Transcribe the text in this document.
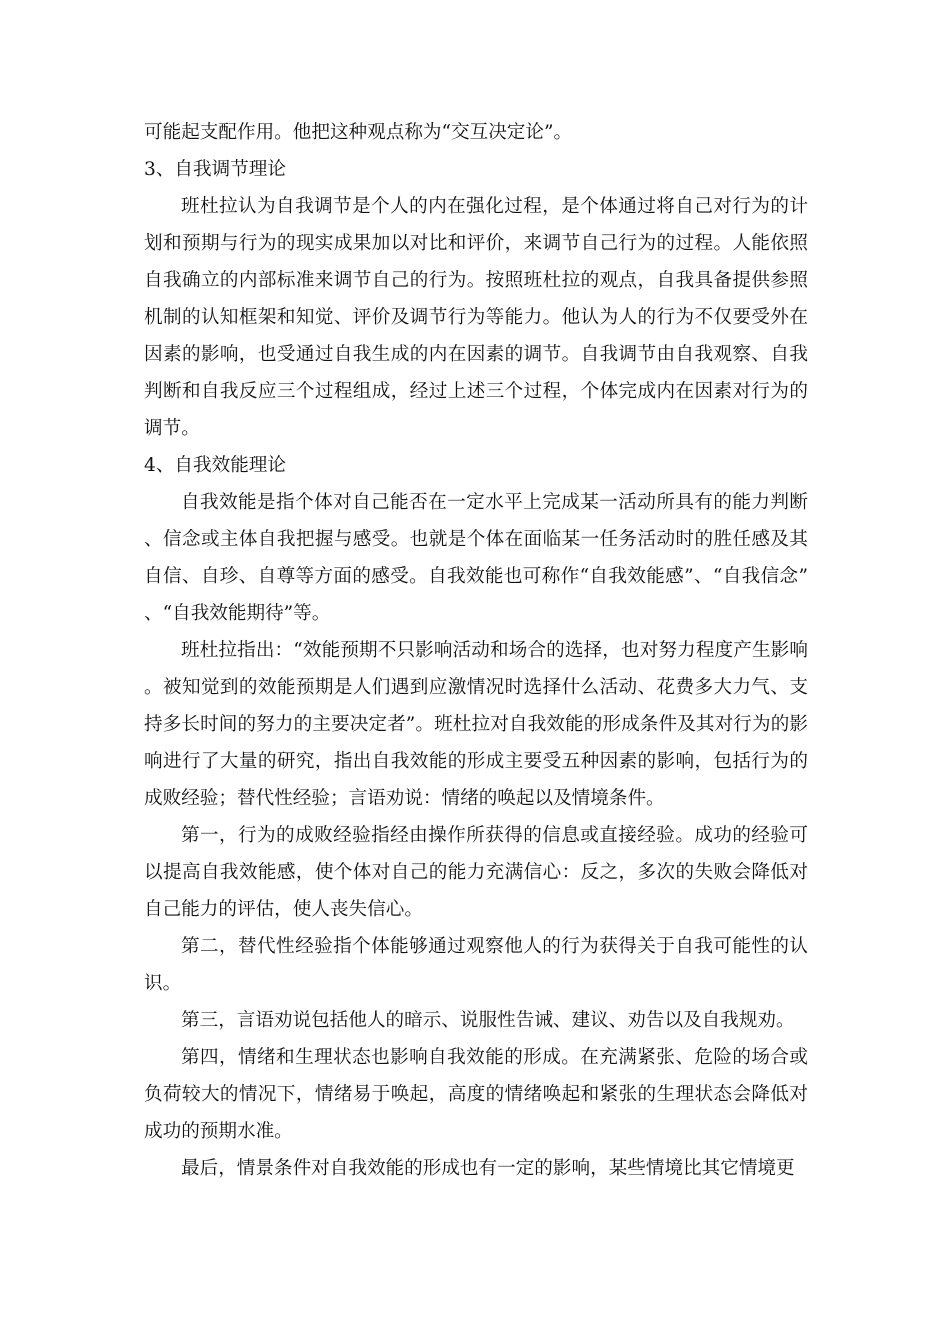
可能起支配作用。他把这种观点称为“交互决定论”。

3、自我调节理论

班杜拉认为自我调节是个人的内在强化过程，是个体通过将自己对行为的计划和预期与行为的现实成果加以对比和评价，来调节自己行为的过程。人能依照自我确立的内部标准来调节自己的行为。按照班杜拉的观点，自我具备提供参照机制的认知框架和知觉、评价及调节行为等能力。他认为人的行为不仅要受外在因素的影响，也受通过自我生成的内在因素的调节。自我调节由自我观察、自我判断和自我反应三个过程组成，经过上述三个过程，个体完成内在因素对行为的调节。

4、自我效能理论

自我效能是指个体对自己能否在一定水平上完成某一活动所具有的能力判断、信念或主体自我把握与感受。也就是个体在面临某一任务活动时的胜任感及其自信、自珍、自尊等方面的感受。自我效能也可称作“自我效能感”、“自我信念”、“自我效能期待”等。

班杜拉指出：“效能预期不只影响活动和场合的选择，也对努力程度产生影响。被知觉到的效能预期是人们遇到应激情况时选择什么活动、花费多大力气、支持多长时间的努力的主要决定者”。班杜拉对自我效能的形成条件及其对行为的影响进行了大量的研究，指出自我效能的形成主要受五种因素的影响，包括行为的成败经验；替代性经验；言语劝说：情绪的唤起以及情境条件。

第一，行为的成败经验指经由操作所获得的信息或直接经验。成功的经验可以提高自我效能感，使个体对自己的能力充满信心：反之，多次的失败会降低对自己能力的评估，使人丧失信心。

第二，替代性经验指个体能够通过观察他人的行为获得关于自我可能性的认识。

第三，言语劝说包括他人的暗示、说服性告诫、建议、劝告以及自我规劝。

第四，情绪和生理状态也影响自我效能的形成。在充满紧张、危险的场合或负荷较大的情况下，情绪易于唤起，高度的情绪唤起和紧张的生理状态会降低对成功的预期水准。

最后，情景条件对自我效能的形成也有一定的影响，某些情境比其它情境更
